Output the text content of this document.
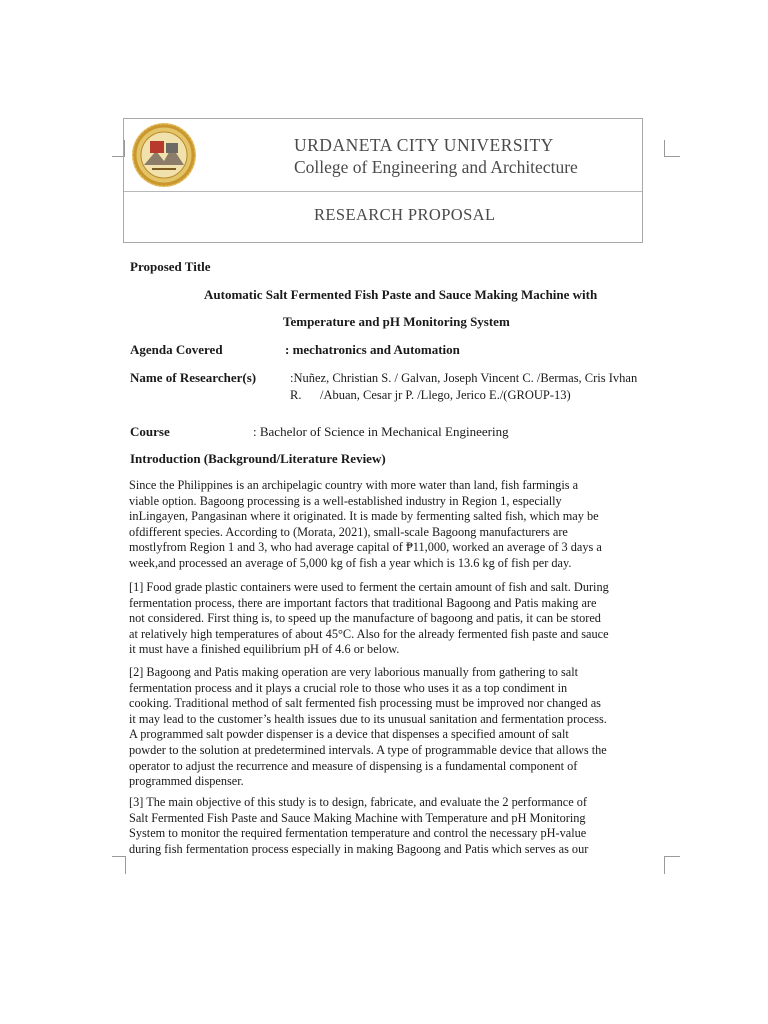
URDANETA CITY UNIVERSITY
College of Engineering and Architecture
RESEARCH PROPOSAL
Proposed Title
Automatic Salt Fermented Fish Paste and Sauce Making Machine with
Temperature and pH Monitoring System
Agenda Covered	: mechatronics and Automation
Name of Researcher(s)	:Nuñez, Christian S. / Galvan, Joseph Vincent C. /Bermas, Cris Ivhan
R. /Abuan, Cesar jr P. /Llego, Jerico E./(GROUP-13)
Course	: Bachelor of Science in Mechanical Engineering
Introduction (Background/Literature Review)
Since the Philippines is an archipelagic country with more water than land, fish farmingis a
viable option. Bagoong processing is a well-established industry in Region 1, especially
inLingayen, Pangasinan where it originated. It is made by fermenting salted fish, which may be
ofdifferent species. According to (Morata, 2021), small-scale Bagoong manufacturers are
mostlyfrom Region 1 and 3, who had average capital of ₱11,000, worked an average of 3 days a
week,and processed an average of 5,000 kg of fish a year which is 13.6 kg of fish per day.
[1] Food grade plastic containers were used to ferment the certain amount of fish and salt. During
fermentation process, there are important factors that traditional Bagoong and Patis making are
not considered. First thing is, to speed up the manufacture of bagoong and patis, it can be stored
at relatively high temperatures of about 45°C. Also for the already fermented fish paste and sauce
it must have a finished equilibrium pH of 4.6 or below.
[2] Bagoong and Patis making operation are very laborious manually from gathering to salt
fermentation process and it plays a crucial role to those who uses it as a top condiment in
cooking. Traditional method of salt fermented fish processing must be improved nor changed as
it may lead to the customer’s health issues due to its unusual sanitation and fermentation process.
A programmed salt powder dispenser is a device that dispenses a specified amount of salt
powder to the solution at predetermined intervals. A type of programmable device that allows the
operator to adjust the recurrence and measure of dispensing is a fundamental component of
programmed dispenser.
[3] The main objective of this study is to design, fabricate, and evaluate the 2 performance of
Salt Fermented Fish Paste and Sauce Making Machine with Temperature and pH Monitoring
System to monitor the required fermentation temperature and control the necessary pH-value
during fish fermentation process especially in making Bagoong and Patis which serves as our
